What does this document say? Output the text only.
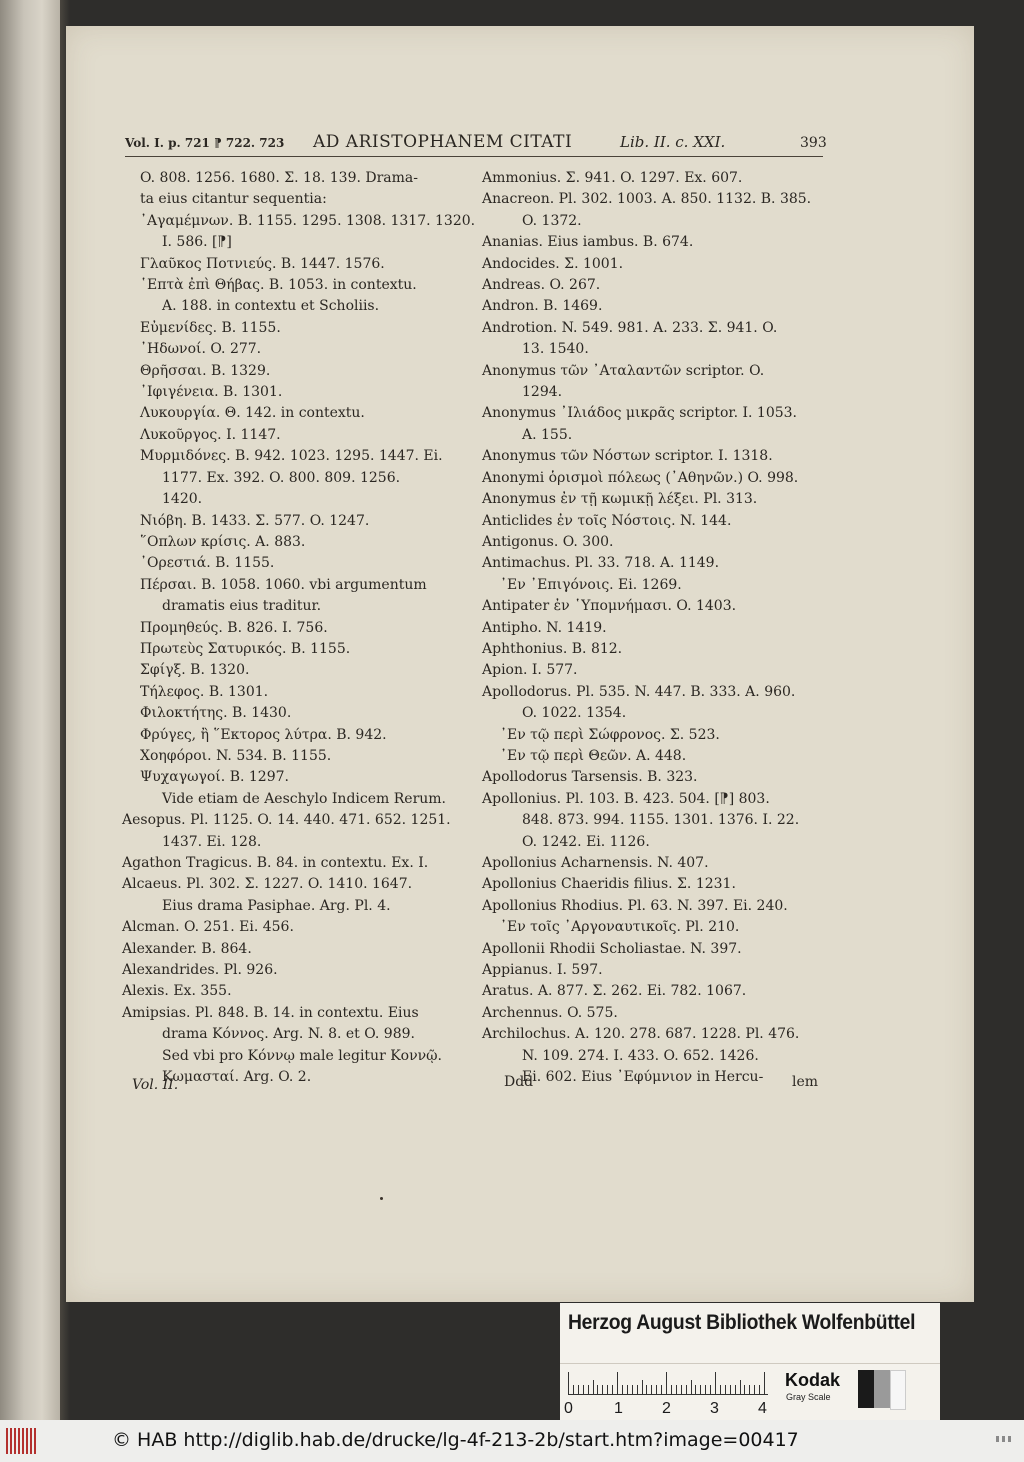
Vol. I. p. 721 ⁋ 722. 723 AD ARISTOPHANEM CITATI	Lib. II. c. XXI.	393
O. 808. 1256. 1680. Σ. 18. 139. Drama-
ta eius citantur sequentia:
᾿Αγαμέμνων. B. 1155. 1295. 1308. 1317. 1320.
I. 586. [⁋]
Γλαῦκος Ποτνιεύς. B. 1447. 1576.
῾Επτὰ ἐπὶ Θήβας. B. 1053. in contextu.
A. 188. in contextu et Scholiis.
Εὐμενίδες. B. 1155.
᾿Ηδωνοί. O. 277.
Θρῆσσαι. B. 1329.
᾿Ιφιγένεια. B. 1301.
Λυκουργία. Θ. 142. in contextu.
Λυκοῦργος. I. 1147.
Μυρμιδόνες. B. 942. 1023. 1295. 1447. Ei.
1177. Ex. 392. O. 800. 809. 1256.
1420.
Νιόβη. B. 1433. Σ. 577. O. 1247.
῞Οπλων κρίσις. A. 883.
᾿Ορεστιά. B. 1155.
Πέρσαι. B. 1058. 1060. vbi argumentum
dramatis eius traditur.
Προμηθεύς. B. 826. I. 756.
Πρωτεὺς Σατυρικός. B. 1155.
Σφίγξ. B. 1320.
Τήλεφος. B. 1301.
Φιλοκτήτης. B. 1430.
Φρύγες, ἢ ῞Εκτορος λύτρα. B. 942.
Χοηφόροι. N. 534. B. 1155.
Ψυχαγωγοί. B. 1297.
Vide etiam de Aeschylo Indicem Rerum.
Aesopus. Pl. 1125. O. 14. 440. 471. 652. 1251.
1437. Ei. 128.
Agathon Tragicus. B. 84. in contextu. Ex. I.
Alcaeus. Pl. 302. Σ. 1227. O. 1410. 1647.
Eius drama Pasiphae. Arg. Pl. 4.
Alcman. O. 251. Ei. 456.
Alexander. B. 864.
Alexandrides. Pl. 926.
Alexis. Ex. 355.
Amipsias. Pl. 848. B. 14. in contextu. Eius
drama Κόννος. Arg. N. 8. et O. 989.
Sed vbi pro Κόννῳ male legitur Κοννῷ.
Κωμασταί. Arg. O. 2.
Ammonius. Σ. 941. O. 1297. Ex. 607.
Anacreon. Pl. 302. 1003. A. 850. 1132. B. 385.
O. 1372.
Ananias. Eius iambus. B. 674.
Andocides. Σ. 1001.
Andreas. O. 267.
Andron. B. 1469.
Androtion. N. 549. 981. A. 233. Σ. 941. O.
13. 1540.
Anonymus τῶν ᾿Αταλαντῶν scriptor. O.
1294.
Anonymus ᾿Ιλιάδος μικρᾶς scriptor. I. 1053.
A. 155.
Anonymus τῶν Νόστων scriptor. I. 1318.
Anonymi ὁρισμοὶ πόλεως (᾿Αθηνῶν.) O. 998.
Anonymus ἐν τῇ κωμικῇ λέξει. Pl. 313.
Anticlides ἐν τοῖς Νόστοις. N. 144.
Antigonus. O. 300.
Antimachus. Pl. 33. 718. A. 1149.
᾿Εν ᾿Επιγόνοις. Ei. 1269.
Antipater ἐν ῾Υπομνήμασι. O. 1403.
Antipho. N. 1419.
Aphthonius. B. 812.
Apion. I. 577.
Apollodorus. Pl. 535. N. 447. B. 333. A. 960.
O. 1022. 1354.
᾿Εν τῷ περὶ Σώφρονος. Σ. 523.
᾿Εν τῷ περὶ Θεῶν. A. 448.
Apollodorus Tarsensis. B. 323.
Apollonius. Pl. 103. B. 423. 504. [⁋] 803.
848. 873. 994. 1155. 1301. 1376. I. 22.
O. 1242. Ei. 1126.
Apollonius Acharnensis. N. 407.
Apollonius Chaeridis filius. Σ. 1231.
Apollonius Rhodius. Pl. 63. N. 397. Ei. 240.
᾿Εν τοῖς ᾿Αργοναυτικοῖς. Pl. 210.
Apollonii Rhodii Scholiastae. N. 397.
Appianus. I. 597.
Aratus. A. 877. Σ. 262. Ei. 782. 1067.
Archennus. O. 575.
Archilochus. A. 120. 278. 687. 1228. Pl. 476.
N. 109. 274. I. 433. O. 652. 1426.
Ei. 602. Eius ᾿Εφύμνιον in Hercu-
Vol. II.	Ddd	lem
Herzog August Bibliothek Wolfenbüttel
0	1 2 3 4
Kodak
Gray Scale
© HAB http://diglib.hab.de/drucke/lg-4f-213-2b/start.htm?image=00417
